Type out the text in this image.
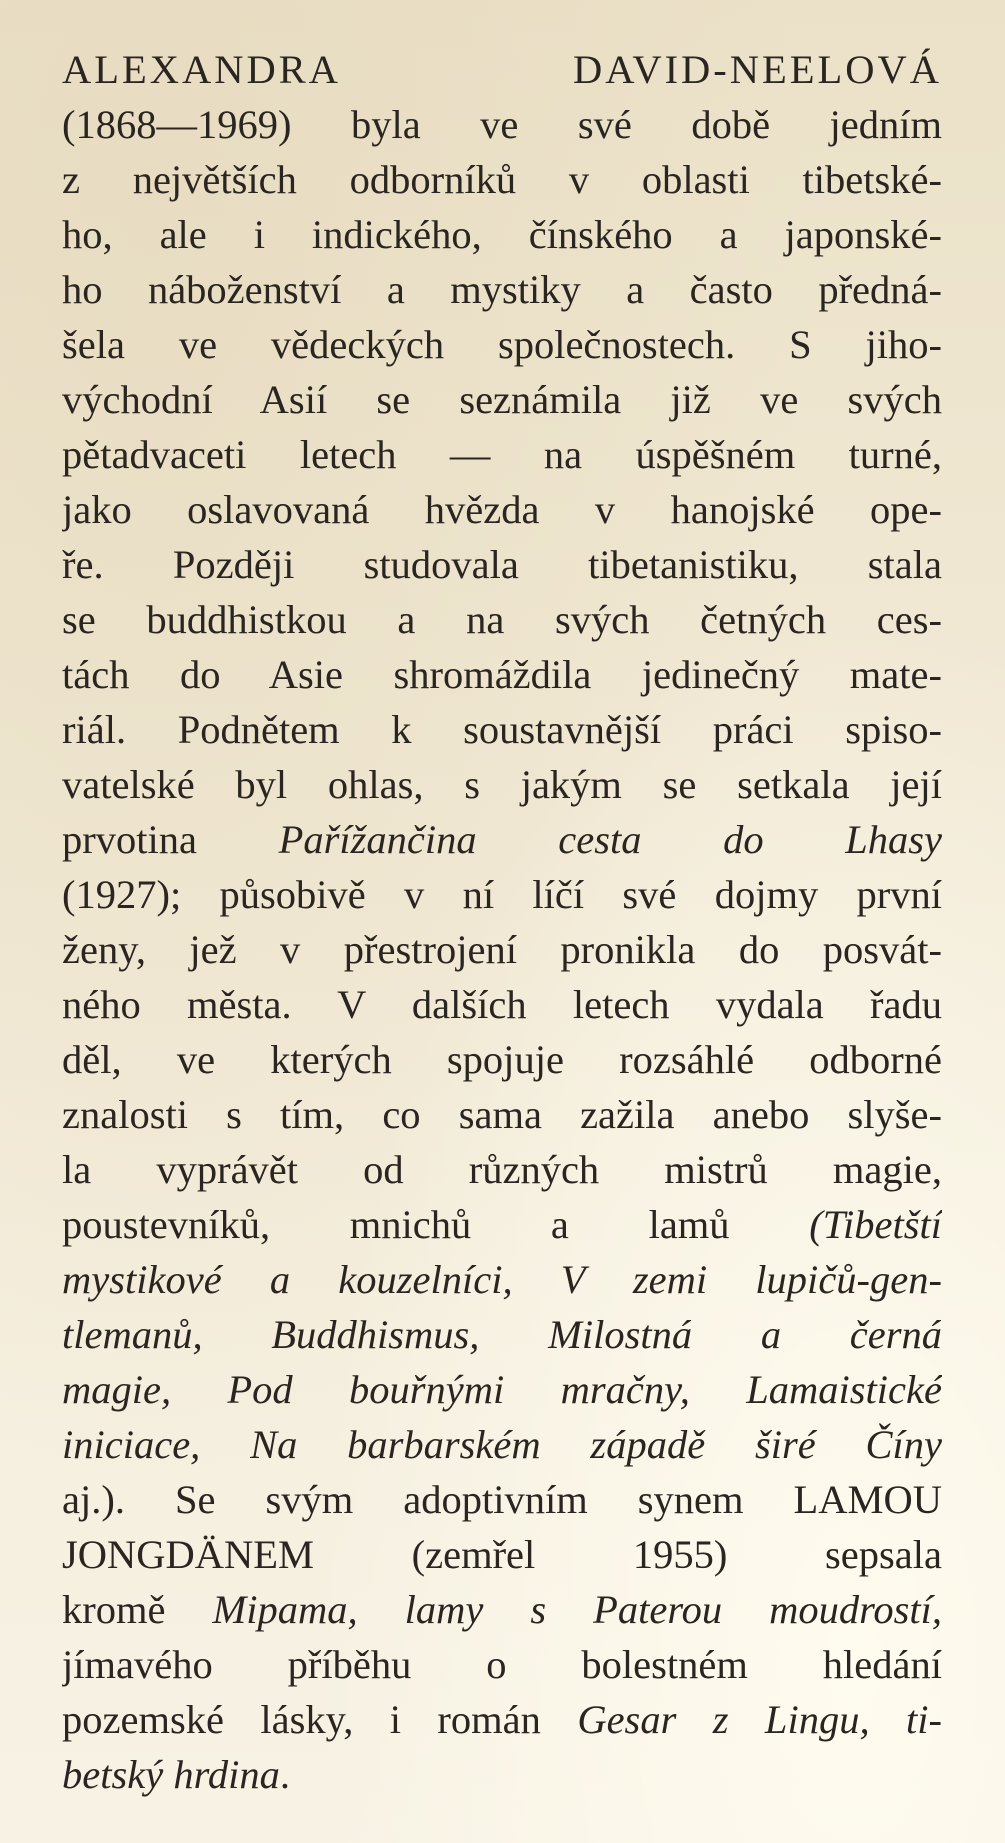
ALEXANDRA DAVID-NEELOVÁ
(1868—1969) byla ve své době jedním
z největších odborníků v oblasti tibetské-
ho, ale i indického, čínského a japonské-
ho náboženství a mystiky a často předná-
šela ve vědeckých společnostech. S jiho-
východní Asií se seznámila již ve svých
pětadvaceti letech — na úspěšném turné,
jako oslavovaná hvězda v hanojské ope-
ře. Později studovala tibetanistiku, stala
se buddhistkou a na svých četných ces-
tách do Asie shromáždila jedinečný mate-
riál. Podnětem k soustavnější práci spiso-
vatelské byl ohlas, s jakým se setkala její
prvotina Pařížančina cesta do Lhasy
(1927); působivě v ní líčí své dojmy první
ženy, jež v přestrojení pronikla do posvát-
ného města. V dalších letech vydala řadu
děl, ve kterých spojuje rozsáhlé odborné
znalosti s tím, co sama zažila anebo slyše-
la vyprávět od různých mistrů magie,
poustevníků, mnichů a lamů (Tibetští
mystikové a kouzelníci, V zemi lupičů-gen-
tlemanů, Buddhismus, Milostná a černá
magie, Pod bouřnými mračny, Lamaistické
iniciace, Na barbarském západě širé Číny
aj.). Se svým adoptivním synem LAMOU
JONGDÄNEM (zemřel 1955) sepsala
kromě Mipama, lamy s Paterou moudrostí,
jímavého příběhu o bolestném hledání
pozemské lásky, i román Gesar z Lingu, ti-
betský hrdina.
